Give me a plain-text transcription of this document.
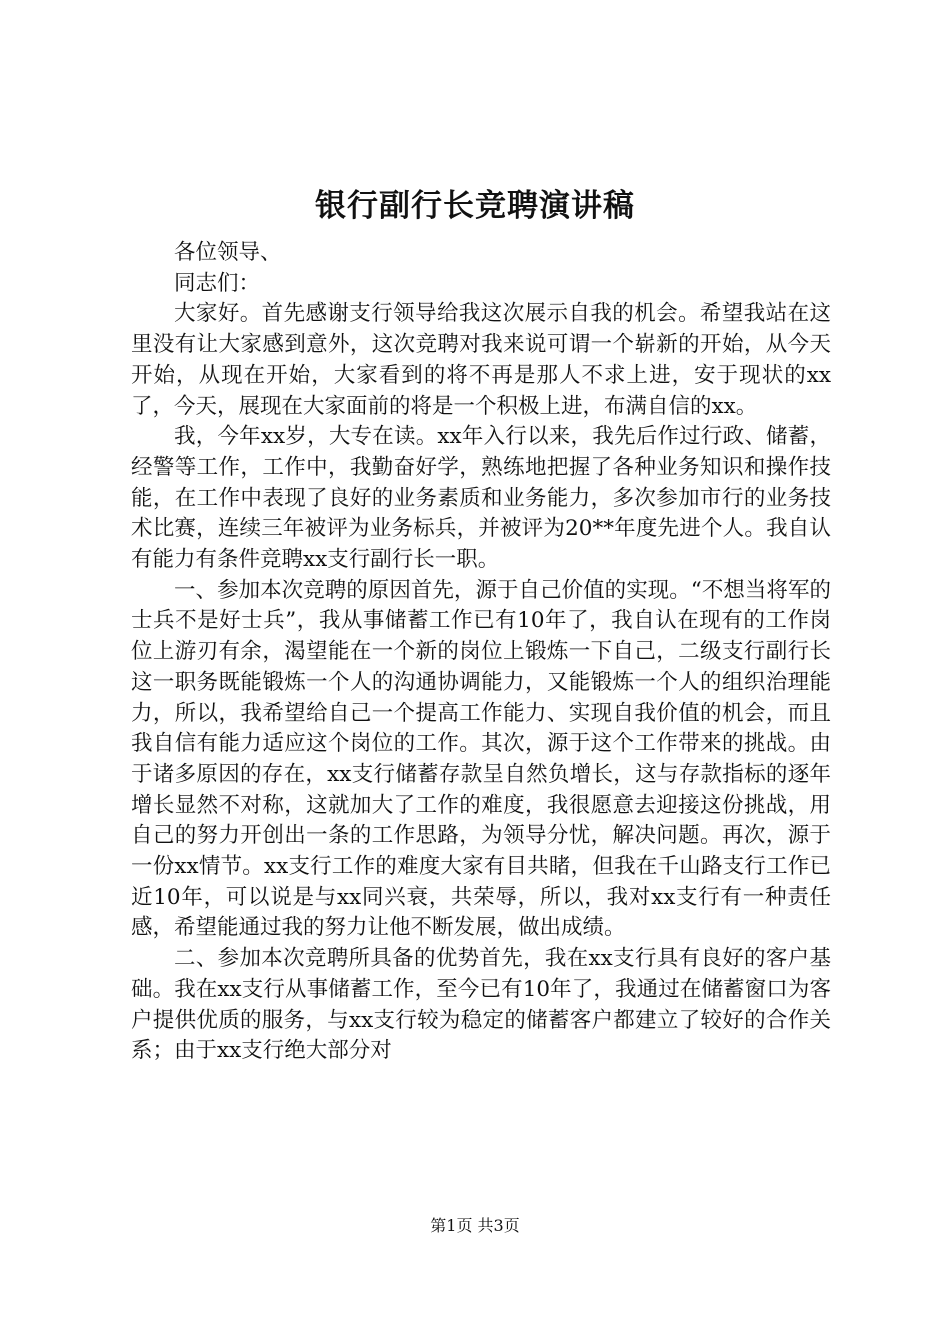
银行副行长竞聘演讲稿

各位领导、

同志们：

大家好。首先感谢支行领导给我这次展示自我的机会。希望我站在这里没有让大家感到意外，这次竞聘对我来说可谓一个崭新的开始，从今天开始，从现在开始，大家看到的将不再是那人不求上进，安于现状的xx了，今天，展现在大家面前的将是一个积极上进，布满自信的xx。

我，今年xx岁，大专在读。xx年入行以来，我先后作过行政、储蓄，经警等工作，工作中，我勤奋好学，熟练地把握了各种业务知识和操作技能，在工作中表现了良好的业务素质和业务能力，多次参加市行的业务技术比赛，连续三年被评为业务标兵，并被评为20**年度先进个人。我自认有能力有条件竞聘xx支行副行长一职。

一、参加本次竞聘的原因首先，源于自己价值的实现。“不想当将军的士兵不是好士兵”，我从事储蓄工作已有10年了，我自认在现有的工作岗位上游刃有余，渴望能在一个新的岗位上锻炼一下自己，二级支行副行长这一职务既能锻炼一个人的沟通协调能力，又能锻炼一个人的组织治理能力，所以，我希望给自己一个提高工作能力、实现自我价值的机会，而且我自信有能力适应这个岗位的工作。其次，源于这个工作带来的挑战。由于诸多原因的存在，xx支行储蓄存款呈自然负增长，这与存款指标的逐年增长显然不对称，这就加大了工作的难度，我很愿意去迎接这份挑战，用自己的努力开创出一条的工作思路，为领导分忧，解决问题。再次，源于一份xx情节。xx支行工作的难度大家有目共睹，但我在千山路支行工作已近10年，可以说是与xx同兴衰，共荣辱，所以，我对xx支行有一种责任感，希望能通过我的努力让他不断发展，做出成绩。

二、参加本次竞聘所具备的优势首先，我在xx支行具有良好的客户基础。我在xx支行从事储蓄工作，至今已有10年了，我通过在储蓄窗口为客户提供优质的服务，与xx支行较为稳定的储蓄客户都建立了较好的合作关系；由于xx支行绝大部分对

第1页 共3页
